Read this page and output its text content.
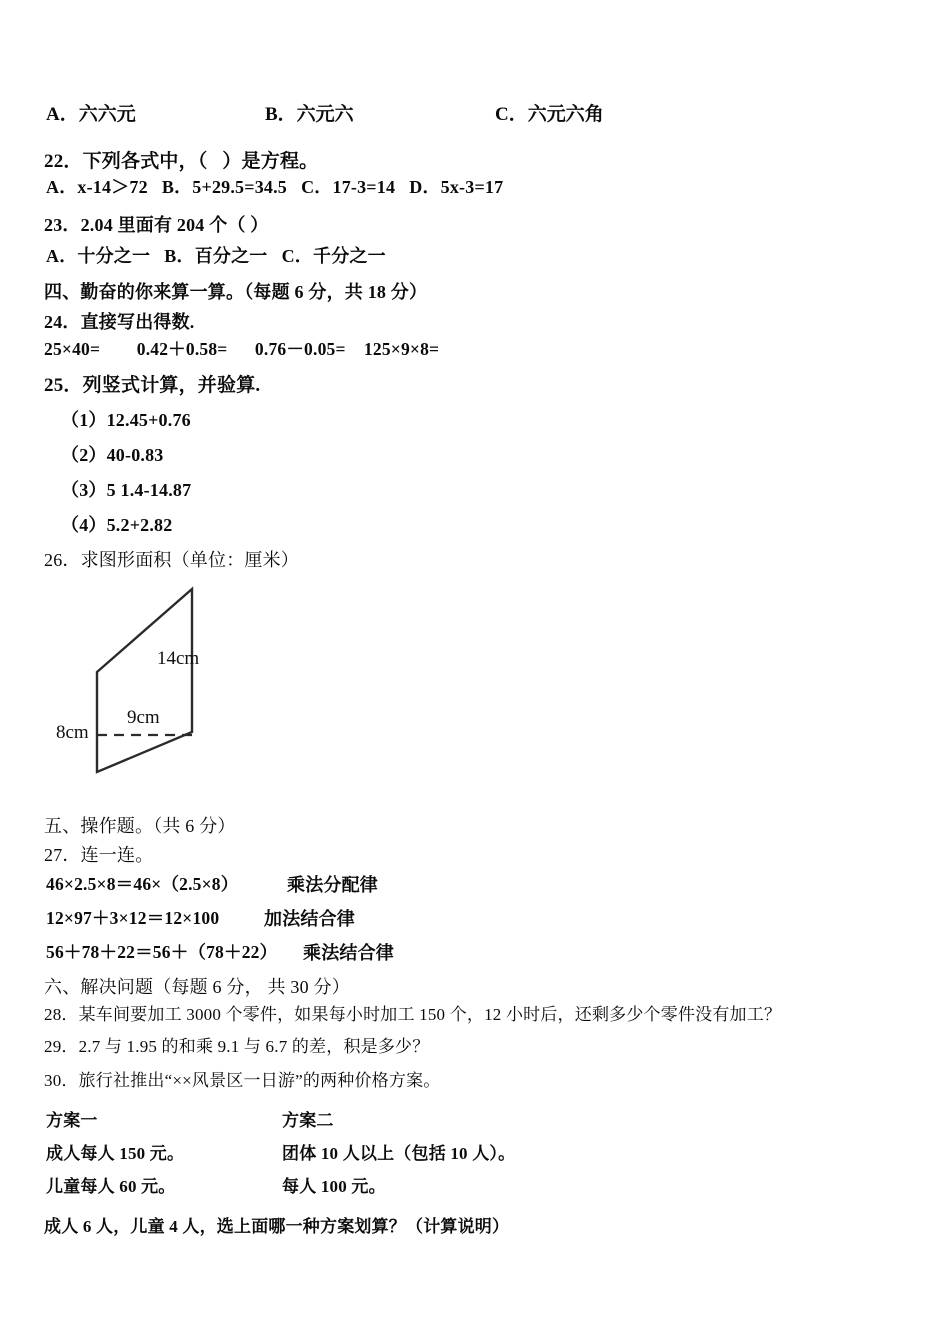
A．六六元	B．六元六	C．六元六角
22．下列各式中，（   ）是方程。
A．x-14＞72   B．5+29.5=34.5   C．17-3=14   D．5x-3=17
23．2.04 里面有 204 个（ ）
A．十分之一   B．百分之一   C．千分之一
四、勤奋的你来算一算。（每题 6 分，共 18 分）
24．直接写出得数.
25×40=        0.42＋0.58=      0.76－0.05=    125×9×8=
25．列竖式计算，并验算.
（1）12.45+0.76
（2）40-0.83
（3）5 1.4-14.87
（4）5.2+2.82
26．求图形面积（单位：厘米）
14cm
9cm
8cm
五、操作题。（共 6 分）
27．连一连。
46×2.5×8＝46×（2.5×8）	乘法分配律
12×97＋3×12＝12×100 加法结合律
56＋78＋22＝56＋（78＋22） 乘法结合律
六、解决问题（每题 6 分， 共 30 分）
28．某车间要加工 3000 个零件，如果每小时加工 150 个，12 小时后，还剩多少个零件没有加工？
29．2.7 与 1.95 的和乘 9.1 与 6.7 的差，积是多少？
30．旅行社推出“××风景区一日游”的两种价格方案。
方案一	方案二
成人每人 150 元。	团体 10 人以上（包括 10 人）。
儿童每人 60 元。	每人 100 元。
成人 6 人，儿童 4 人，选上面哪一种方案划算？（计算说明）
